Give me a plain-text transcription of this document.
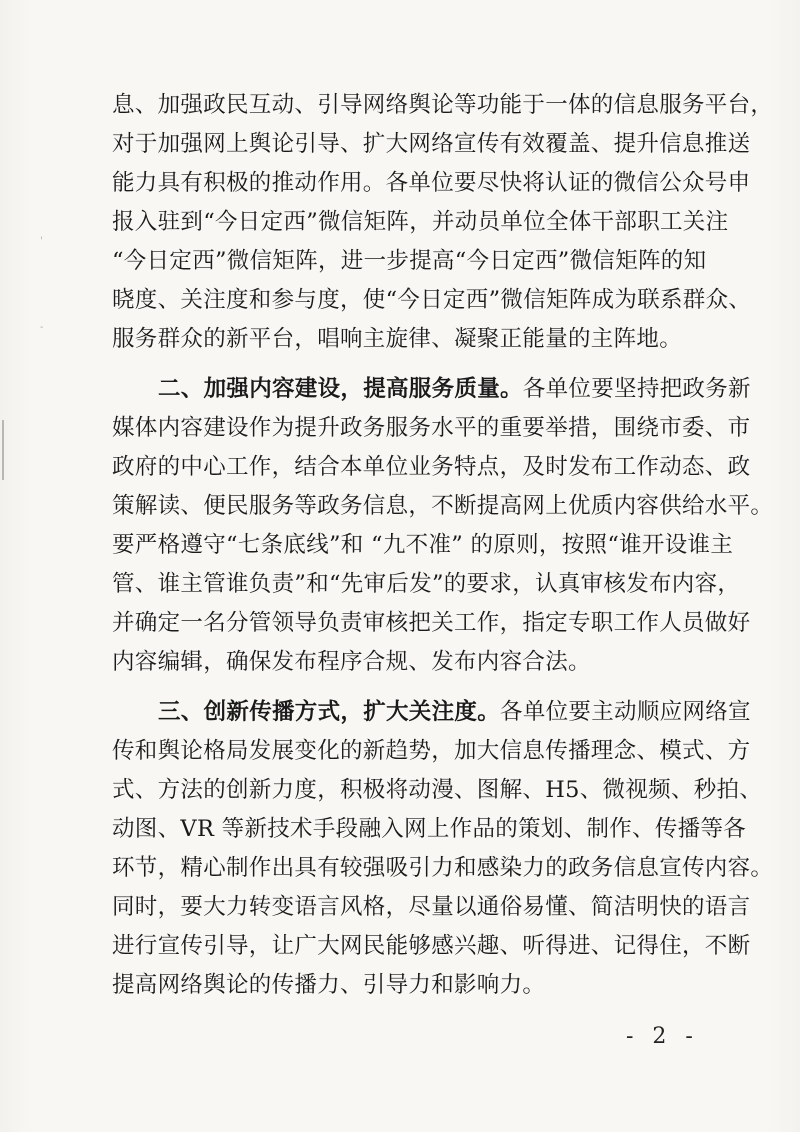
'
-
息、加强政民互动、引导网络舆论等功能于一体的信息服务平台，
对于加强网上舆论引导、扩大网络宣传有效覆盖、提升信息推送
能力具有积极的推动作用。各单位要尽快将认证的微信公众号申
报入驻到“今日定西”微信矩阵，并动员单位全体干部职工关注
“今日定西”微信矩阵，进一步提高“今日定西”微信矩阵的知
晓度、关注度和参与度，使“今日定西”微信矩阵成为联系群众、
服务群众的新平台，唱响主旋律、凝聚正能量的主阵地。
二、加强内容建设，提高服务质量。各单位要坚持把政务新
媒体内容建设作为提升政务服务水平的重要举措，围绕市委、市
政府的中心工作，结合本单位业务特点，及时发布工作动态、政
策解读、便民服务等政务信息，不断提高网上优质内容供给水平。
要严格遵守“七条底线”和 “九不准” 的原则，按照“谁开设谁主
管、谁主管谁负责”和“先审后发”的要求，认真审核发布内容，
并确定一名分管领导负责审核把关工作，指定专职工作人员做好
内容编辑，确保发布程序合规、发布内容合法。
三、创新传播方式，扩大关注度。各单位要主动顺应网络宣
传和舆论格局发展变化的新趋势，加大信息传播理念、模式、方
式、方法的创新力度，积极将动漫、图解、H5、微视频、秒拍、
动图、VR 等新技术手段融入网上作品的策划、制作、传播等各
环节，精心制作出具有较强吸引力和感染力的政务信息宣传内容。
同时，要大力转变语言风格，尽量以通俗易懂、简洁明快的语言
进行宣传引导，让广大网民能够感兴趣、听得进、记得住，不断
提高网络舆论的传播力、引导力和影响力。
- 2 -
